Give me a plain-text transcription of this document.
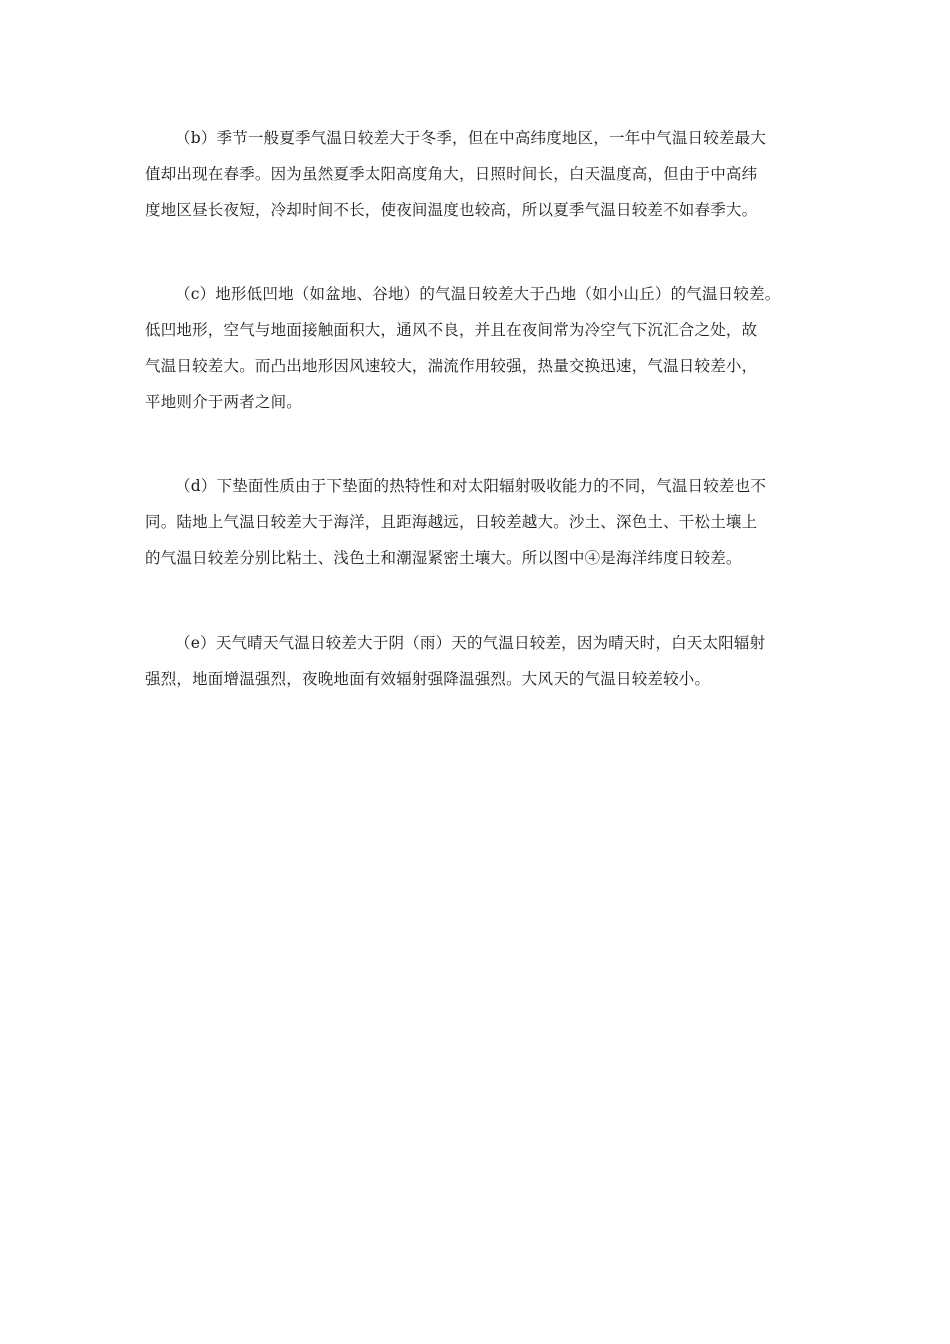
（b）季节一般夏季气温日较差大于冬季，但在中高纬度地区，一年中气温日较差最大
值却出现在春季。因为虽然夏季太阳高度角大，日照时间长，白天温度高，但由于中高纬
度地区昼长夜短，冷却时间不长，使夜间温度也较高，所以夏季气温日较差不如春季大。
（c）地形低凹地（如盆地、谷地）的气温日较差大于凸地（如小山丘）的气温日较差。
低凹地形，空气与地面接触面积大，通风不良，并且在夜间常为冷空气下沉汇合之处，故
气温日较差大。而凸出地形因风速较大，湍流作用较强，热量交换迅速，气温日较差小，
平地则介于两者之间。
（d）下垫面性质由于下垫面的热特性和对太阳辐射吸收能力的不同，气温日较差也不
同。陆地上气温日较差大于海洋，且距海越远，日较差越大。沙土、深色土、干松土壤上
的气温日较差分别比粘土、浅色土和潮湿紧密土壤大。所以图中④是海洋纬度日较差。
（e）天气晴天气温日较差大于阴（雨）天的气温日较差，因为晴天时，白天太阳辐射
强烈，地面增温强烈，夜晚地面有效辐射强降温强烈。大风天的气温日较差较小。
